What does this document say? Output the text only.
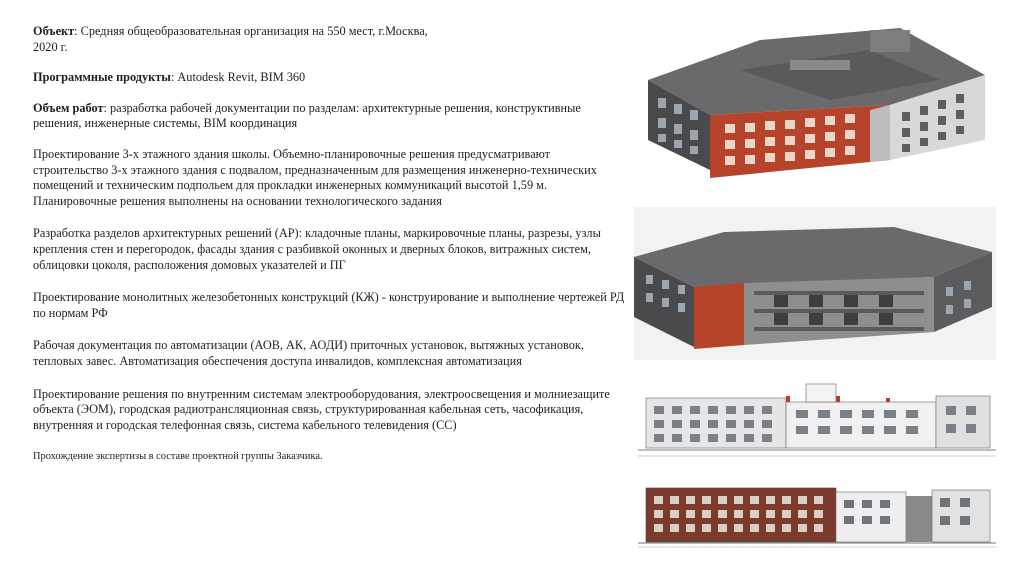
Объект: Средняя общеобразовательная организация на 550 мест, г.Москва,
2020 г.

Программные продукты: Autodesk Revit, BIM 360

Объем работ: разработка рабочей документации по разделам: архитектурные решения, конструктивные решения, инженерные системы, BIM координация

Проектирование 3-х этажного здания школы. Объемно-планировочные решения предусматривают строительство 3-х этажного здания с подвалом, предназначенным для размещения инженерно-технических помещений и техническим подпольем для прокладки инженерных коммуникаций высотой 1,59 м. Планировочные решения выполнены на основании технологического задания

Разработка разделов архитектурных решений (АР): кладочные планы, маркировочные планы, разрезы, узлы крепления стен и перегородок, фасады здания с разбивкой оконных и дверных блоков, витражных систем, облицовки цоколя, расположения домовых указателей и ПГ

Проектирование монолитных железобетонных конструкций (КЖ) - конструирование и выполнение чертежей РД по нормам РФ

Рабочая документация по автоматизации (АОВ, АК, АОДИ) приточных установок, вытяжных установок, тепловых завес. Автоматизация обеспечения доступа инвалидов, комплексная автоматизация

Проектирование решения по внутренним системам электрооборудования, электроосвещения и молниезащите объекта (ЭОМ), городская радиотрансляционная связь, структурированная кабельная сеть, часофикация, внутренняя и городская телефонная связь, система кабельного телевидения (СС)

Прохождение экспертизы в составе проектной группы Заказчика.
